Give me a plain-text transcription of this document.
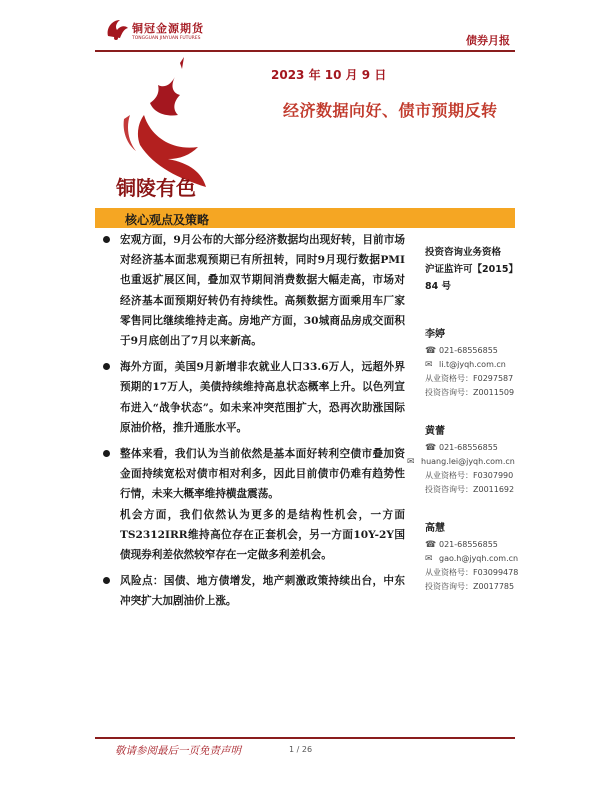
铜冠金源期货
TONGGUAN JINYUAN FUTURES	债券月报
2023 年 10 月 9 日
经济数据向好、债市预期反转
铜陵有色
核心观点及策略

宏观方面，9月公布的大部分经济数据均出现好转，目前市场对经济基本面悲观预期已有所扭转，同时9月现行数据PMI也重返扩展区间，叠加双节期间消费数据大幅走高，市场对经济基本面预期好转仍有持续性。高频数据方面乘用车厂家零售同比继续维持走高。房地产方面，30城商品房成交面积于9月底创出了7月以来新高。

海外方面，美国9月新增非农就业人口33.6万人，远超外界预期的17万人，美债持续维持高息状态概率上升。以色列宣布进入“战争状态”。如未来冲突范围扩大，恐再次助涨国际原油价格，推升通胀水平。

整体来看，我们认为当前依然是基本面好转利空债市叠加资金面持续宽松对债市相对利多，因此目前债市仍难有趋势性行情，未来大概率维持横盘震荡。

机会方面，我们依然认为更多的是结构性机会，一方面TS2312IRR维持高位存在正套机会，另一方面10Y-2Y国债现券利差依然较窄存在一定做多利差机会。

风险点：国债、地方债增发，地产刺激政策持续出台，中东冲突扩大加剧油价上涨。

投资咨询业务资格
沪证监许可【2015】
84 号
李婷
☎ 021-68556855
✉ li.t@jyqh.com.cn
从业资格号：F0297587
投资咨询号：Z0011509
黄蕾
☎ 021-68556855
✉ huang.lei@jyqh.com.cn
从业资格号：F0307990
投资咨询号：Z0011692
高慧
☎ 021-68556855
✉ gao.h@jyqh.com.cn
从业资格号：F03099478
投资咨询号：Z0017785
敬请参阅最后一页免责声明	1 / 26
